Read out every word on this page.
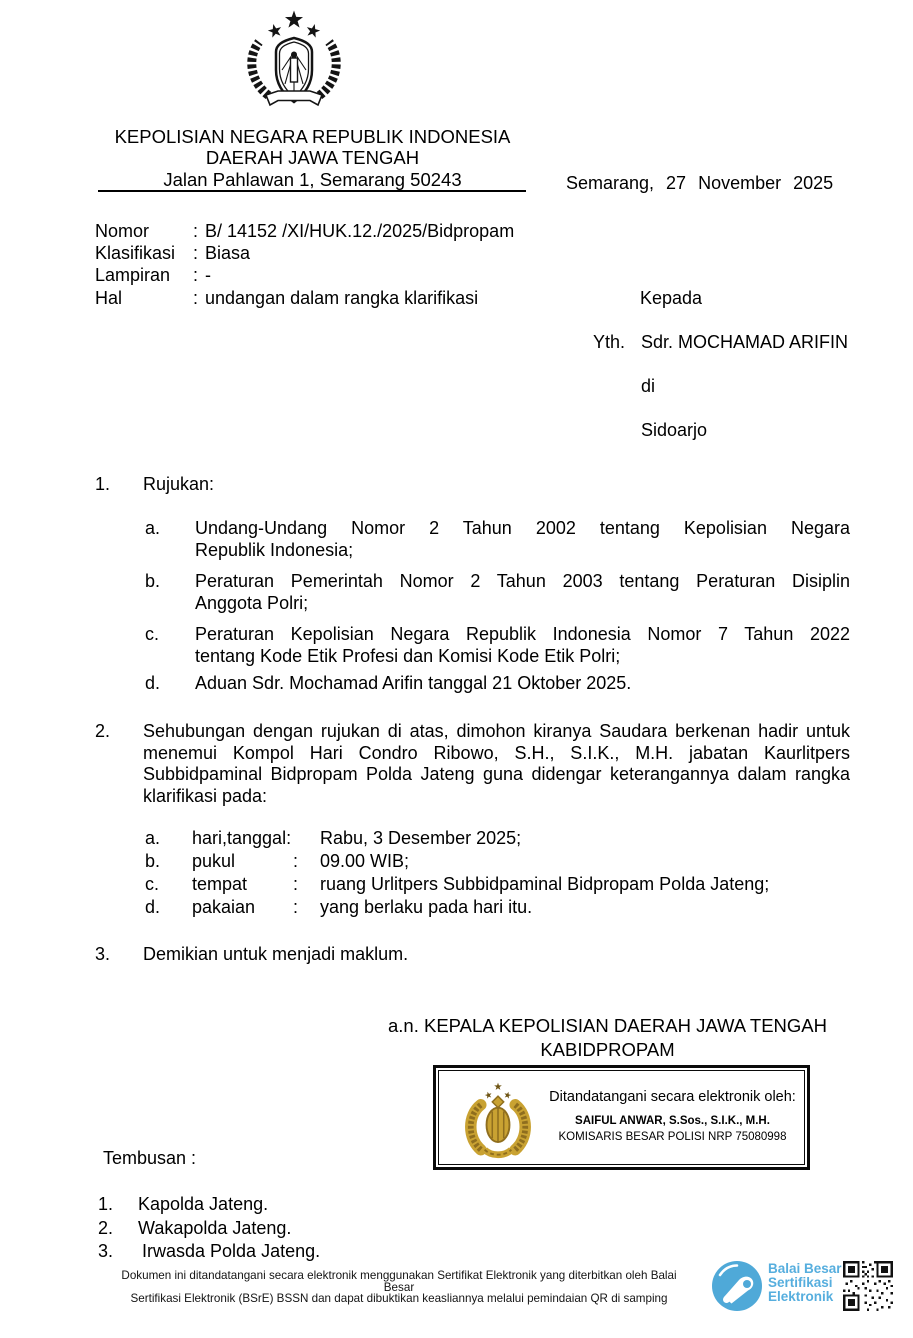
KEPOLISIAN NEGARA REPUBLIK INDONESIA
DAERAH JAWA TENGAH
Jalan Pahlawan 1, Semarang 50243	Semarang, 27 November 2025
Nomor	: B/ 14152 /XI/HUK.12./2025/Bidpropam
Klasifikasi : Biasa
Lampiran	: -
Hal	: undangan dalam rangka klarifikasi	Kepada
Yth. Sdr. MOCHAMAD ARIFIN
di
Sidoarjo
1. Rujukan:
a. Undang-Undang Nomor 2 Tahun 2002 tentang Kepolisian Negara
Republik Indonesia;
b. Peraturan Pemerintah Nomor 2 Tahun 2003 tentang Peraturan Disiplin
Anggota Polri;
c. Peraturan Kepolisian Negara Republik Indonesia Nomor 7 Tahun 2022
tentang Kode Etik Profesi dan Komisi Kode Etik Polri;
d. Aduan Sdr. Mochamad Arifin tanggal 21 Oktober 2025.
2. Sehubungan dengan rujukan di atas, dimohon kiranya Saudara berkenan hadir untuk
menemui Kompol Hari Condro Ribowo, S.H., S.I.K., M.H. jabatan Kaurlitpers
Subbidpaminal Bidpropam Polda Jateng guna didengar keterangannya dalam rangka
klarifikasi pada:
a. hari,tanggal: Rabu, 3 Desember 2025;
b. pukul	: 09.00 WIB;
c. tempat	: ruang Urlitpers Subbidpaminal Bidpropam Polda Jateng;
d. pakaian : yang berlaku pada hari itu.
3. Demikian untuk menjadi maklum.
a.n. KEPALA KEPOLISIAN DAERAH JAWA TENGAH
KABIDPROPAM
Ditandatangani secara elektronik oleh:
SAIFUL ANWAR, S.Sos., S.I.K., M.H.
KOMISARIS BESAR POLISI NRP 75080998
Tembusan :
1. Kapolda Jateng.
2. Wakapolda Jateng.
3. Irwasda Polda Jateng.
Dokumen ini ditandatangani secara elektronik menggunakan Sertifikat Elektronik yang diterbitkan oleh Balai Besar
Sertifikasi Elektronik (BSrE) BSSN dan dapat dibuktikan keasliannya melalui pemindaian QR di samping
Balai Besar
Sertifikasi
Elektronik
